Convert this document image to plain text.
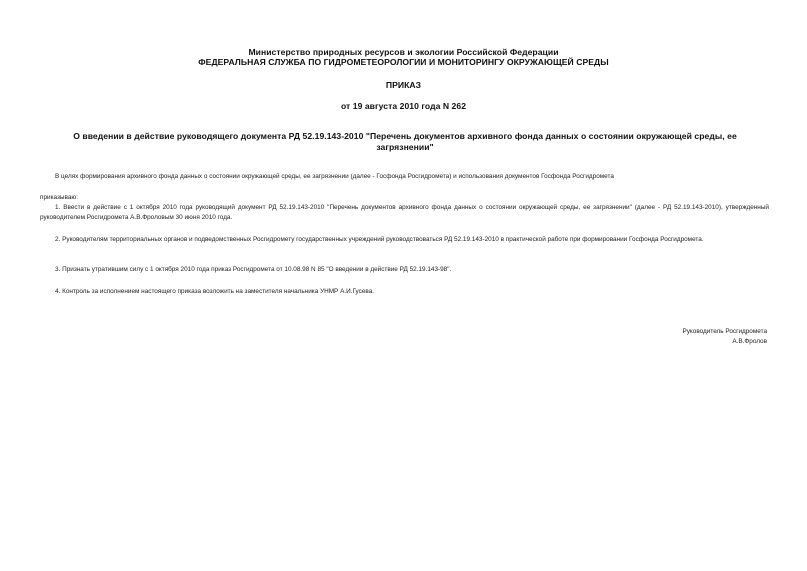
Министерство природных ресурсов и экологии Российской Федерации
ФЕДЕРАЛЬНАЯ СЛУЖБА ПО ГИДРОМЕТЕОРОЛОГИИ И МОНИТОРИНГУ ОКРУЖАЮЩЕЙ СРЕДЫ
ПРИКАЗ
от 19 августа 2010 года N 262
О введении в действие руководящего документа РД 52.19.143-2010 "Перечень документов архивного фонда данных о состоянии окружающей среды, ее загрязнении"
В целях формирования архивного фонда данных о состоянии окружающей среды, ее загрязнении (далее - Госфонда Росгидромета) и использования документов Госфонда Росгидромета
приказываю:
1. Ввести в действие с 1 октября 2010 года руководящий документ РД 52.19.143-2010 "Перечень документов архивного фонда данных о состоянии окружающей среды, ее загрязнении" (далее - РД 52.19.143-2010), утвержденный руководителем Росгидромета А.В.Фроловым 30 июня 2010 года.
2. Руководителям территориальных органов и подведомственных Росгидромету государственных учреждений руководствоваться РД 52.19.143-2010 в практической работе при формировании Госфонда Росгидромета.
3. Признать утратившим силу с 1 октября 2010 года приказ Росгидромета от 10.08.98 N 85 "О введении в действие РД 52.19.143-98".
4. Контроль за исполнением настоящего приказа возложить на заместителя начальника УНМР А.И.Гусева.
Руководитель Росгидромета
А.В.Фролов
